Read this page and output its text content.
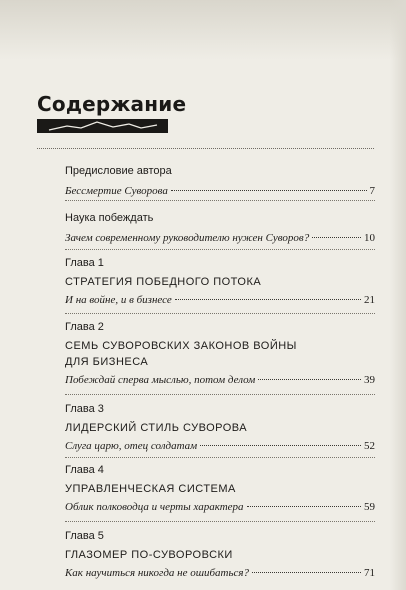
Содержание
Предисловие автора
Бессмертие Суворова	7
Наука побеждать
Зачем современному руководителю нужен Суворов?	10
Глава 1
СТРАТЕГИЯ ПОБЕДНОГО ПОТОКА
И на войне, и в бизнесе	21
Глава 2
СЕМЬ СУВОРОВСКИХ ЗАКОНОВ ВОЙНЫ
ДЛЯ БИЗНЕСА
Побеждай сперва мыслью, потом делом	39
Глава 3
ЛИДЕРСКИЙ СТИЛЬ СУВОРОВА
Слуга царю, отец солдатам	52
Глава 4
УПРАВЛЕНЧЕСКАЯ СИСТЕМА
Облик полководца и черты характера	59
Глава 5
ГЛАЗОМЕР ПО-СУВОРОВСКИ
Как научиться никогда не ошибаться?	71
